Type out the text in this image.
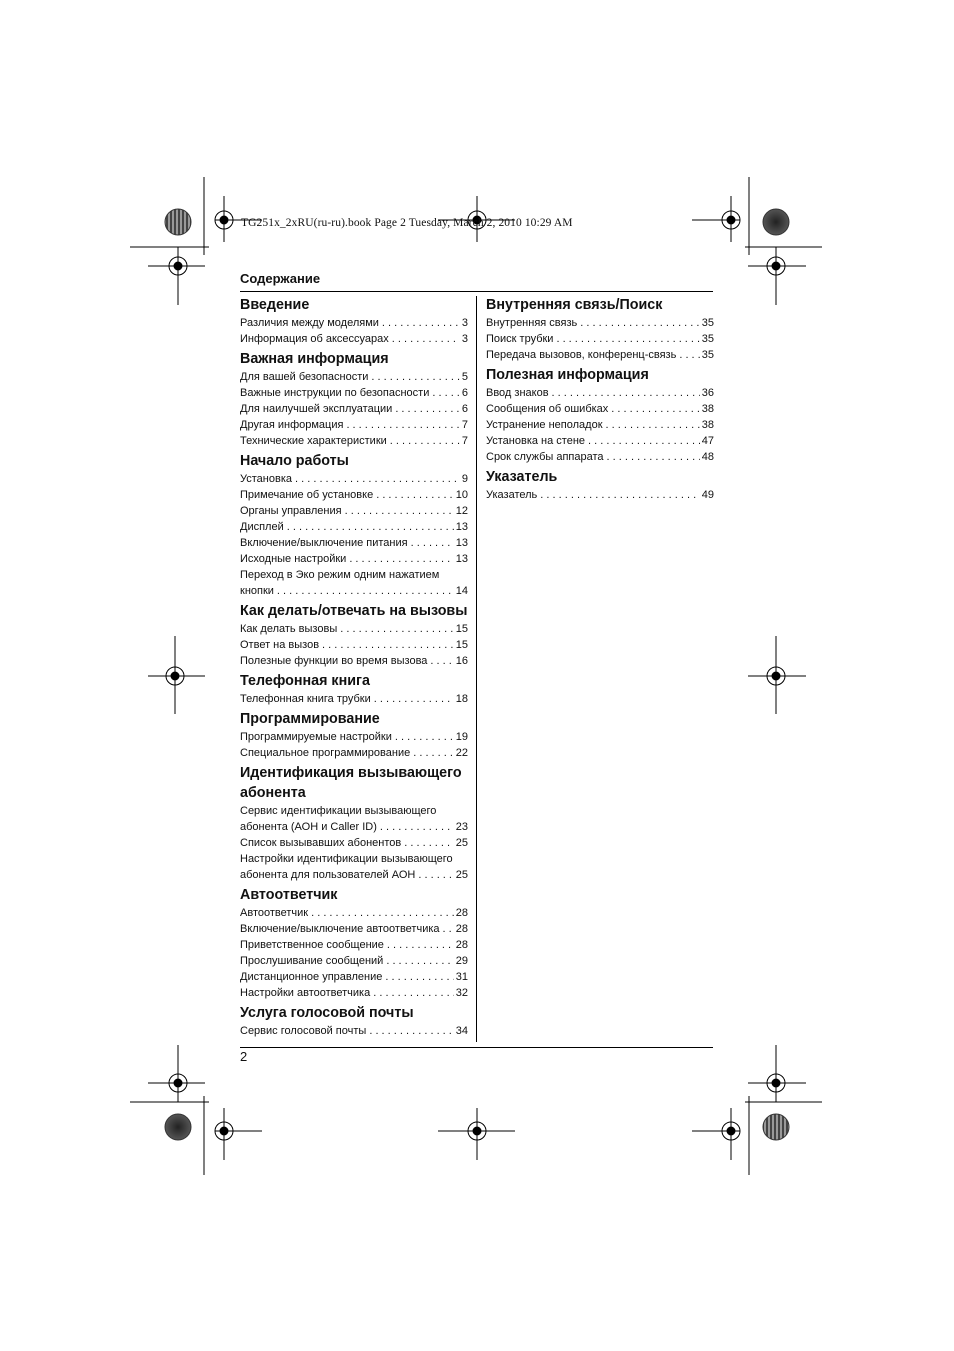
TG251x_2xRU(ru-ru).book Page 2 Tuesday, March 2, 2010 10:29 AM
Содержание
Введение
Различия между моделями . . .	3
Информация об аксессуарах . . .	3
Важная информация
Для вашей безопасности . . .	5
Важные инструкции по безопасности . . .	6
Для наилучшей эксплуатации . . .	6
Другая информация . . .	7
Технические характеристики . . .	7
Начало работы
Установка . . .	9
Примечание об установке . . .	10
Органы управления . . .	12
Дисплей . . .	13
Включение/выключение питания . . .	13
Исходные настройки . . .	13
Переход в Эко режим одним нажатием
кнопки . . .	14
Как делать/отвечать на вызовы
Как делать вызовы . . .	15
Ответ на вызов . . .	15
Полезные функции во время вызова . . .	16
Телефонная книга
Телефонная книга трубки . . .	18
Программирование
Программируемые настройки . . .	19
Специальное программирование . . .	22
Идентификация вызывающего абонента
Сервис идентификации вызывающего
абонента (АОН и Caller ID) . . .	23
Список вызывавших абонентов . . .	25
Настройки идентификации вызывающего
абонента для пользователей АОН . . .	25
Автоответчик
Автоответчик . . .	28
Включение/выключение автоответчика . . . 28
Приветственное сообщение . . .	28
Прослушивание сообщений . . .	29
Дистанционное управление . . .	31
Настройки автоответчика . . .	32
Услуга голосовой почты
Сервис голосовой почты . . .	34
Внутренняя связь/Поиск
Внутренняя связь . . .	35
Поиск трубки . . .	35
Передача вызовов, конференц-связь . . . 35
Полезная информация
Ввод знаков . . .	36
Сообщения об ошибках . . .	38
Устранение неполадок . . .	38
Установка на стене . . .	47
Срок службы аппарата . . .	48
Указатель
Указатель . . .	49
2
